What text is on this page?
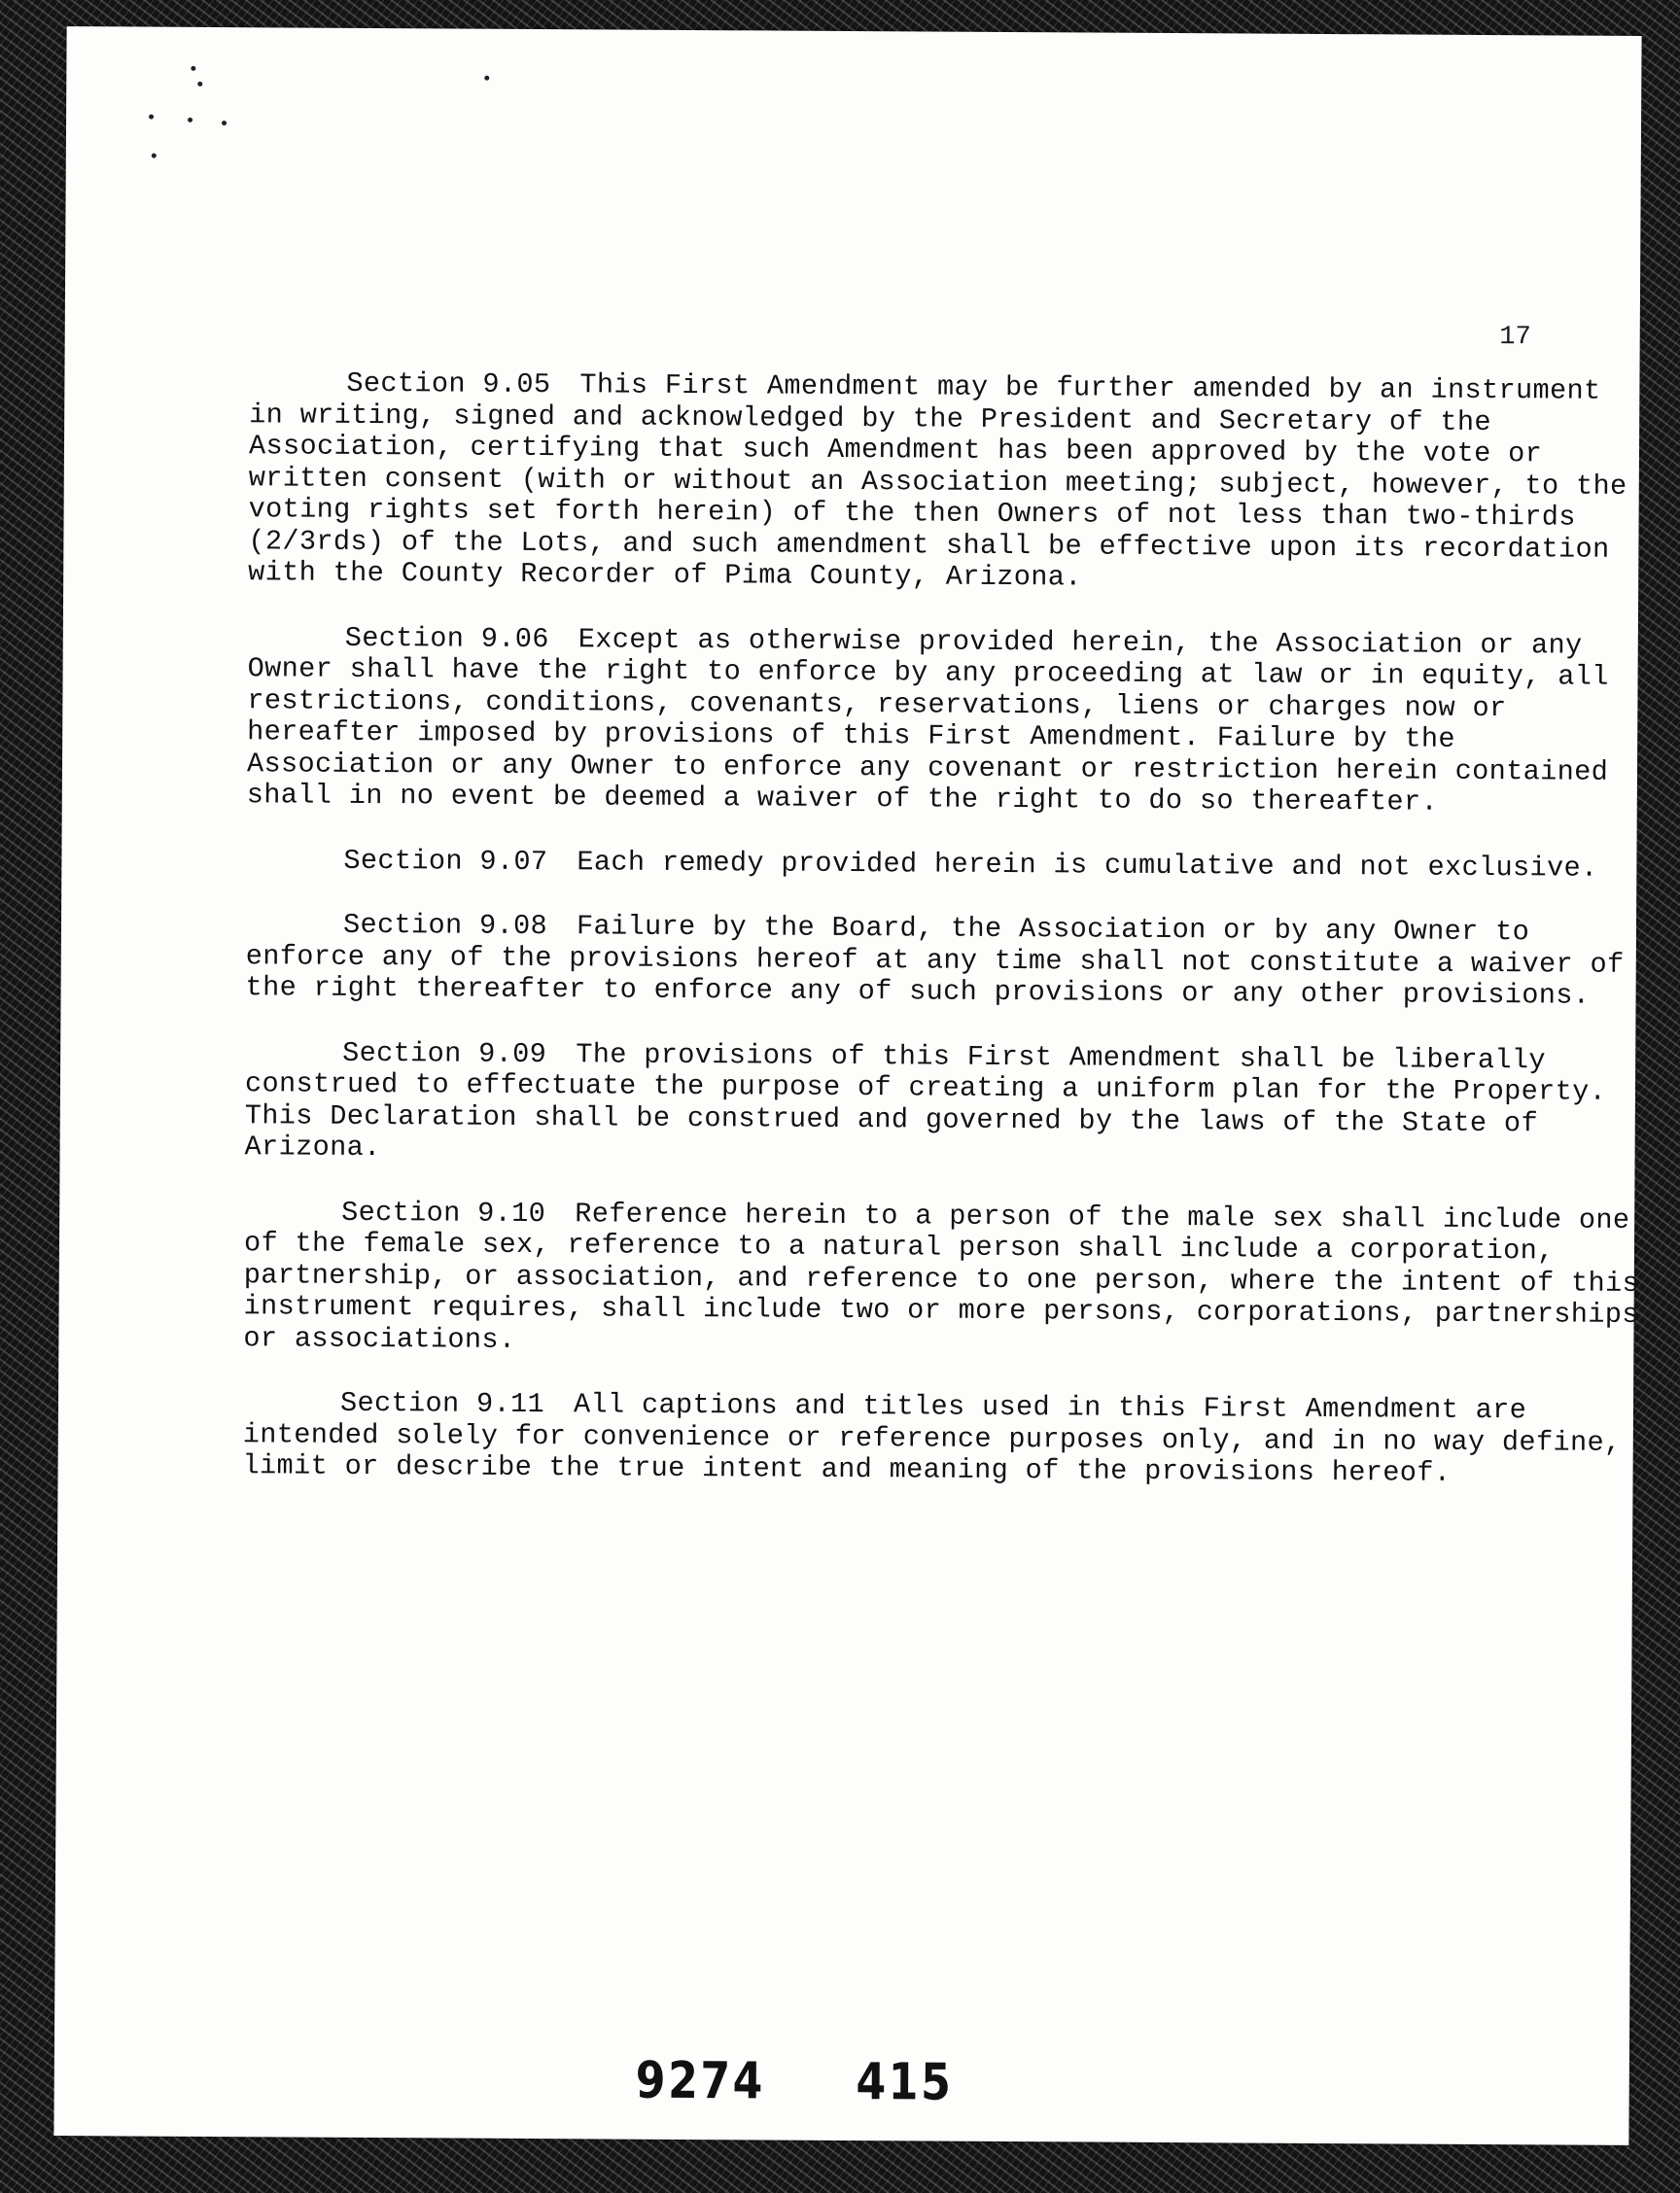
17

Section 9.05 This First Amendment may be further amended by an instrument in writing, signed and acknowledged by the President and Secretary of the Association, certifying that such Amendment has been approved by the vote or written consent (with or without an Association meeting; subject, however, to the voting rights set forth herein) of the then Owners of not less than two-thirds (2/3rds) of the Lots, and such amendment shall be effective upon its recordation with the County Recorder of Pima County, Arizona.

Section 9.06 Except as otherwise provided herein, the Association or any Owner shall have the right to enforce by any proceeding at law or in equity, all restrictions, conditions, covenants, reservations, liens or charges now or hereafter imposed by provisions of this First Amendment. Failure by the Association or any Owner to enforce any covenant or restriction herein contained shall in no event be deemed a waiver of the right to do so thereafter.

Section 9.07 Each remedy provided herein is cumulative and not exclusive.

Section 9.08 Failure by the Board, the Association or by any Owner to enforce any of the provisions hereof at any time shall not constitute a waiver of the right thereafter to enforce any of such provisions or any other provisions.

Section 9.09 The provisions of this First Amendment shall be liberally construed to effectuate the purpose of creating a uniform plan for the Property. This Declaration shall be construed and governed by the laws of the State of Arizona.

Section 9.10 Reference herein to a person of the male sex shall include one of the female sex, reference to a natural person shall include a corporation, partnership, or association, and reference to one person, where the intent of this instrument requires, shall include two or more persons, corporations, partnerships or associations.

Section 9.11 All captions and titles used in this First Amendment are intended solely for convenience or reference purposes only, and in no way define, limit or describe the true intent and meaning of the provisions hereof.

9274 415
